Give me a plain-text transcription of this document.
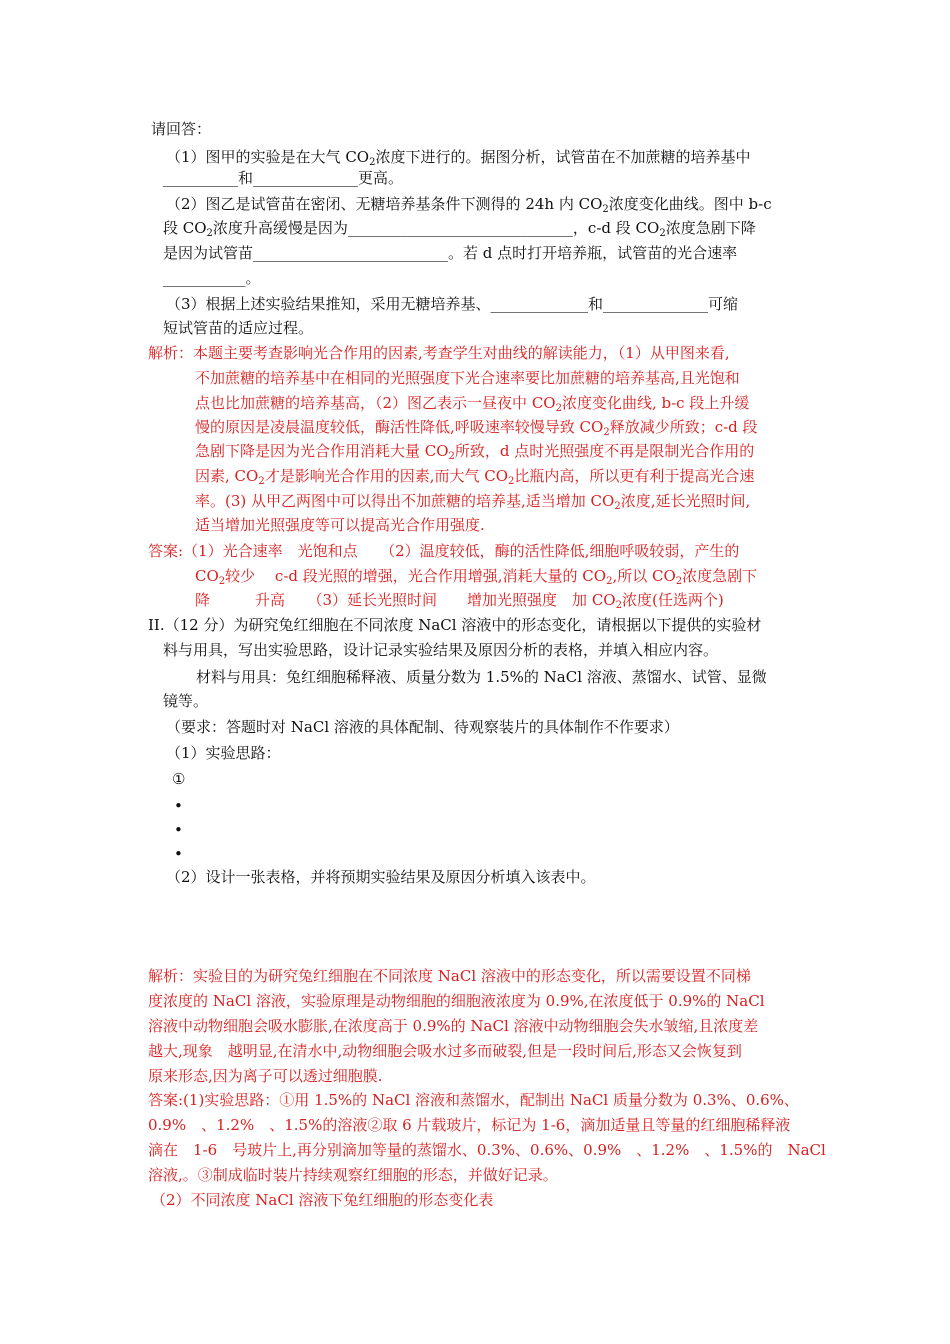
请回答：
（1）图甲的实验是在大气 $CO_2$浓度下进行的。据图分析，试管苗在不加蔗糖的培养基中
__________和______________更高。
（2）图乙是试管苗在密闭、无糖培养基条件下测得的 24h 内 $CO_2$浓度变化曲线。图中 b-c
段 $CO_2$浓度升高缓慢是因为______________________________，c-d 段 $CO_2$浓度急剧下降
是因为试管苗__________________________。若 d 点时打开培养瓶，试管苗的光合速率
___________。
（3）根据上述实验结果推知，采用无糖培养基、_____________和______________可缩
短试管苗的适应过程。
解析：本题主要考查影响光合作用的因素,考查学生对曲线的解读能力，（1）从甲图来看,
不加蔗糖的培养基中在相同的光照强度下光合速率要比加蔗糖的培养基高,且光饱和
点也比加蔗糖的培养基高，（2）图乙表示一昼夜中 $CO_2$浓度变化曲线, b-c 段上升缓
慢的原因是凌晨温度较低，酶活性降低,呼吸速率较慢导致 $CO_2$释放减少所致；c-d 段
急剧下降是因为光合作用消耗大量 $CO_2$所致，d 点时光照强度不再是限制光合作用的
因素, $CO_2$才是影响光合作用的因素,而大气 $CO_2$比瓶内高，所以更有利于提高光合速
率。(3) 从甲乙两图中可以得出不加蔗糖的培养基,适当增加 $CO_2$浓度,延长光照时间,
适当增加光照强度等可以提高光合作用强度.
答案:（1）光合速率　光饱和点　　（2）温度较低，酶的活性降低,细胞呼吸较弱，产生的
$CO_2$较少　 c-d 段光照的增强，光合作用增强,消耗大量的 $CO_2$,所以 $CO_2$浓度急剧下
降　　　升高　　（3）延长光照时间　　增加光照强度　加 $CO_2$浓度(任选两个)
II.（12 分）为研究兔红细胞在不同浓度 NaCl 溶液中的形态变化，请根据以下提供的实验材
料与用具，写出实验思路，设计记录实验结果及原因分析的表格，并填入相应内容。
材料与用具：兔红细胞稀释液、质量分数为 1.5%的 NaCl 溶液、蒸馏水、试管、显微
镜等。
（要求：答题时对 NaCl 溶液的具体配制、待观察装片的具体制作不作要求）
（1）实验思路：
①
•
•
•
（2）设计一张表格，并将预期实验结果及原因分析填入该表中。
解析：实验目的为研究兔红细胞在不同浓度 NaCl 溶液中的形态变化，所以需要设置不同梯
度浓度的 NaCl 溶液，实验原理是动物细胞的细胞液浓度为 0.9%,在浓度低于 0.9%的 NaCl
溶液中动物细胞会吸水膨胀,在浓度高于 0.9%的 NaCl 溶液中动物细胞会失水皱缩,且浓度差
越大,现象　越明显,在清水中,动物细胞会吸水过多而破裂,但是一段时间后,形态又会恢复到
原来形态,因为离子可以透过细胞膜.
答案:(1)实验思路：①用 1.5%的 NaCl 溶液和蒸馏水，配制出 NaCl 质量分数为 0.3%、0.6%、
0.9%　、1.2%　、1.5%的溶液②取 6 片载玻片，标记为 1-6，滴加适量且等量的红细胞稀释液
滴在　1-6　号玻片上,再分别滴加等量的蒸馏水、0.3%、0.6%、0.9%　、1.2%　、1.5%的　NaCl
溶液,。③制成临时装片持续观察红细胞的形态，并做好记录。
（2）不同浓度 NaCl 溶液下兔红细胞的形态变化表
